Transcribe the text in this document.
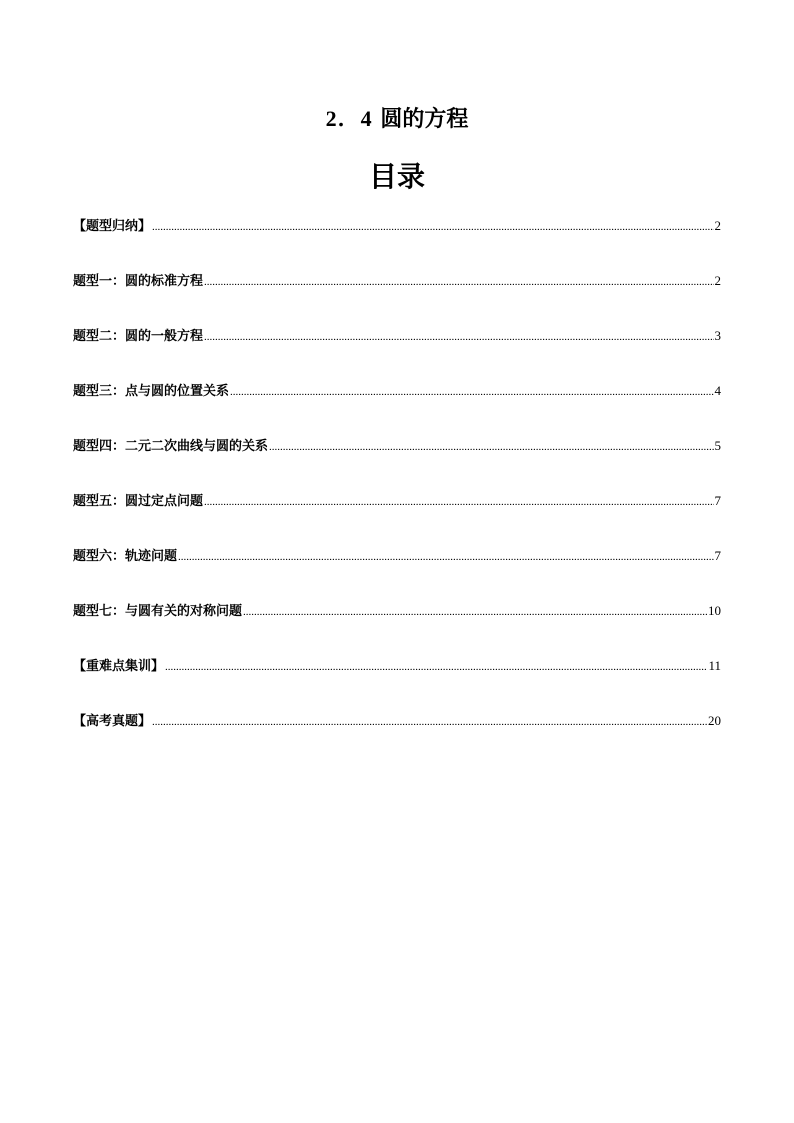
2．4 圆的方程
目录
【题型归纳】 .....	2
题型一：圆的标准方程 .....	2
题型二：圆的一般方程 .....	3
题型三：点与圆的位置关系 .....	4
题型四：二元二次曲线与圆的关系 .....	5
题型五：圆过定点问题 .....	7
题型六：轨迹问题 .....	7
题型七：与圆有关的对称问题 .....	10
【重难点集训】 .....	11
【高考真题】 .....	20
